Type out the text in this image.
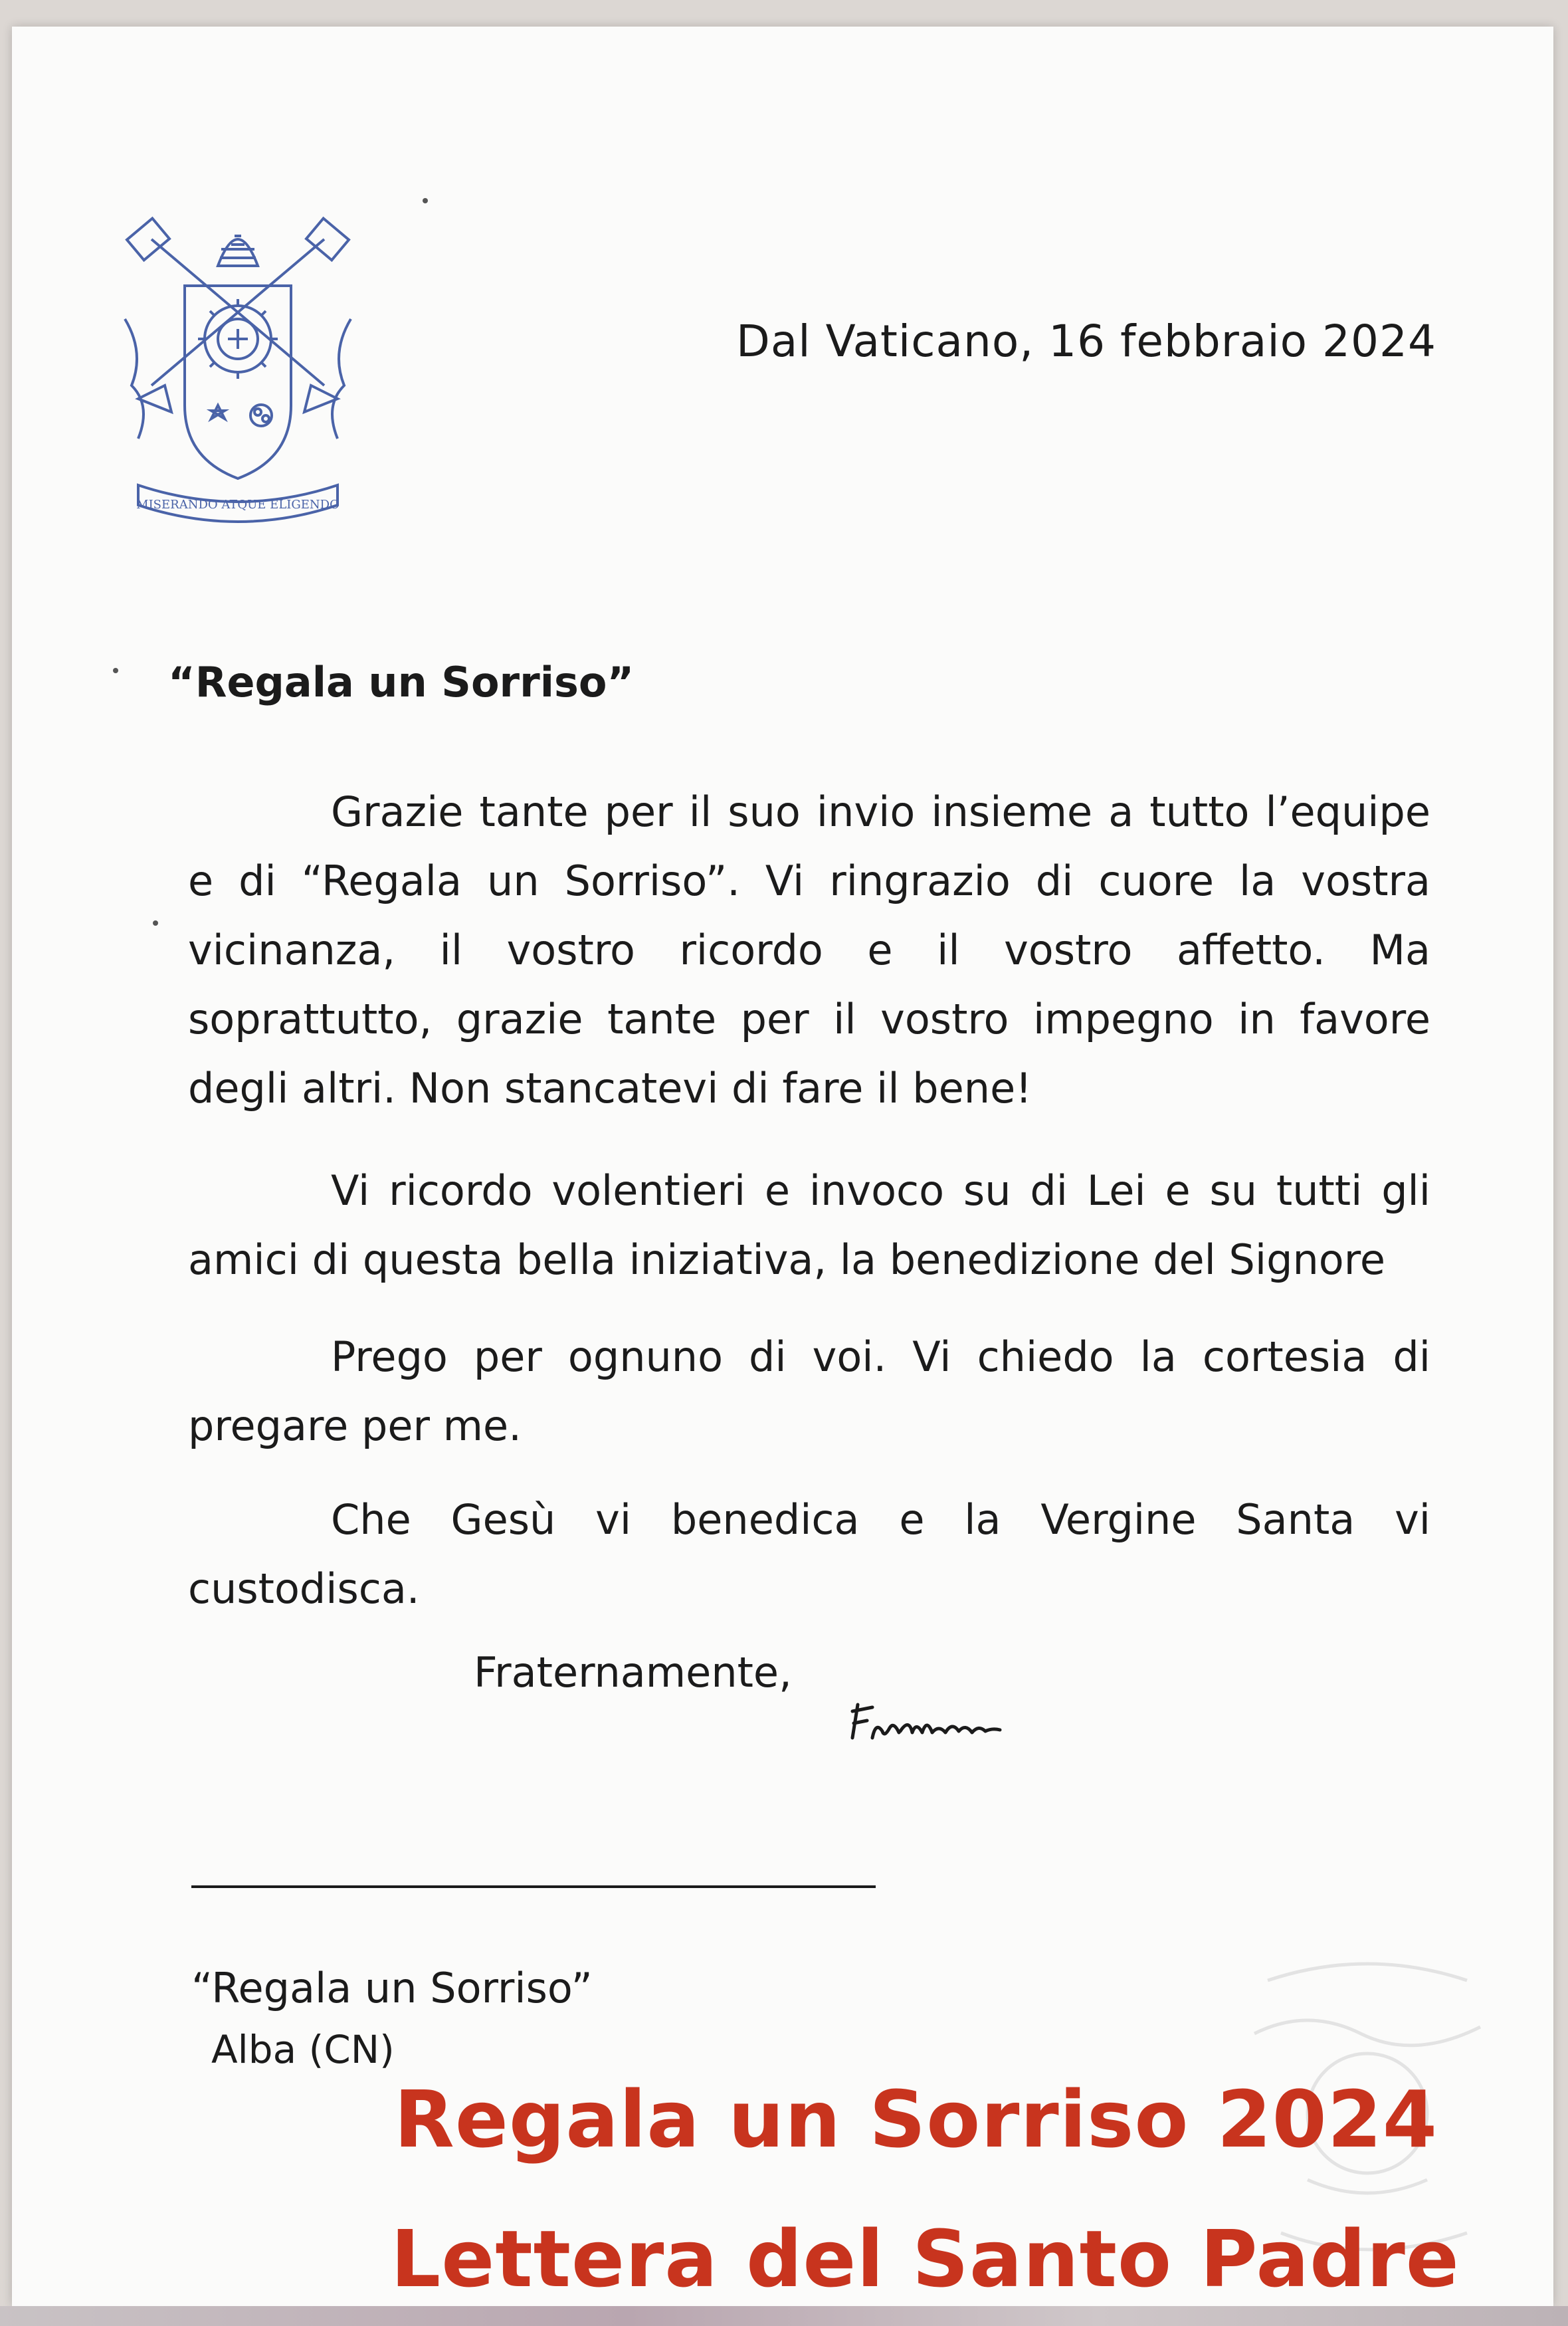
MISERANDO ATQUE ELIGENDO
Dal Vaticano, 16 febbraio 2024
“Regala un Sorriso”
Grazie tante per il suo invio insieme a tutto l’equipe e di “Regala un Sorriso”. Vi ringrazio di cuore la vostra vicinanza, il vostro ricordo e il vostro affetto. Ma soprattutto, grazie tante per il vostro impegno in favore degli altri. Non stancatevi di fare il bene!
Vi ricordo volentieri e invoco su di Lei e su tutti gli amici di questa bella iniziativa, la benedizione del Signore
Prego per ognuno di voi. Vi chiedo la cortesia di pregare per me.
Che Gesù vi benedica e la Vergine Santa vi custodisca.
Fraternamente,
“Regala un Sorriso”
Alba (CN)
Regala un Sorriso 2024
Lettera del Santo Padre
